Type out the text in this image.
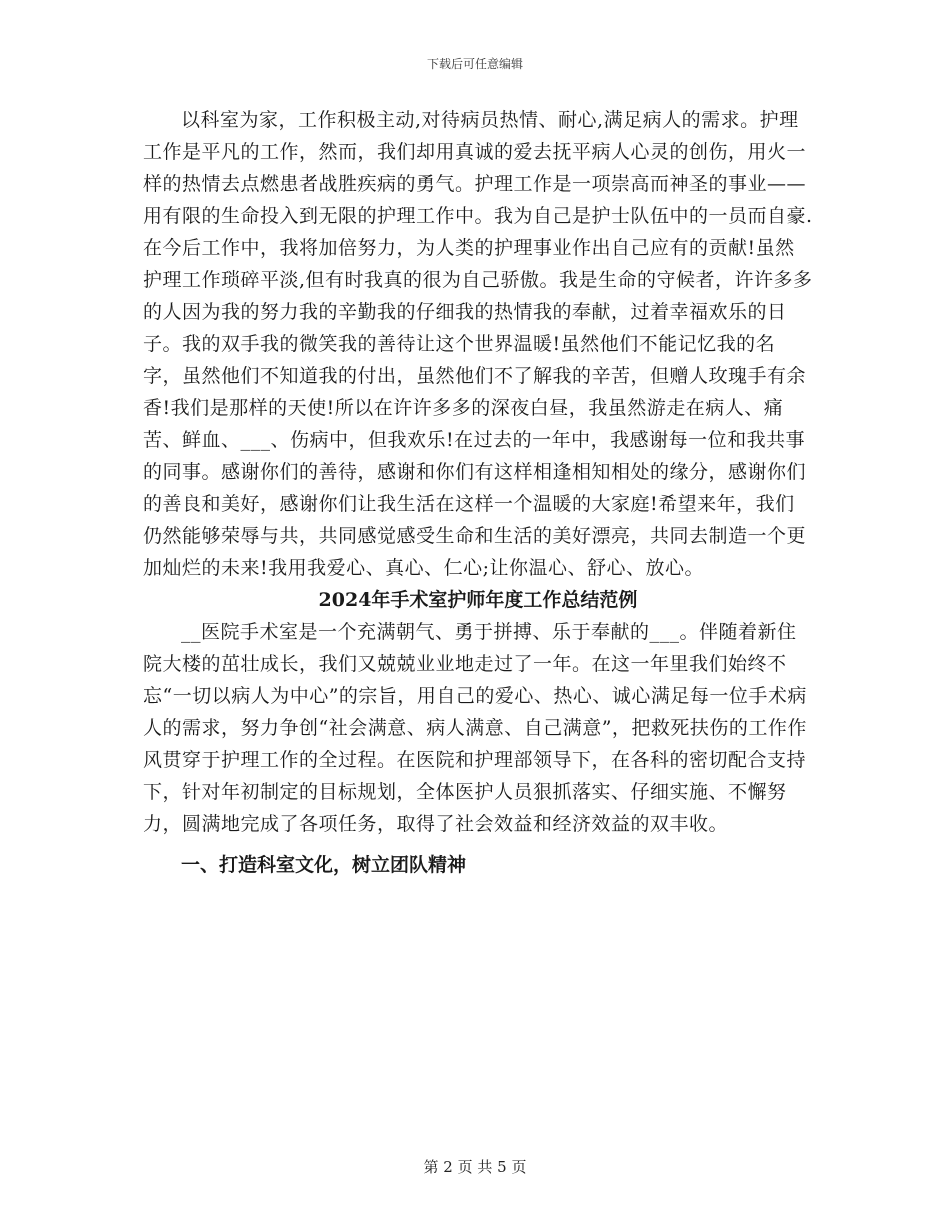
下载后可任意编辑

以科室为家，工作积极主动,对待病员热情、耐心,满足病人的需求。护理工作是平凡的工作，然而，我们却用真诚的爱去抚平病人心灵的创伤，用火一样的热情去点燃患者战胜疾病的勇气。护理工作是一项崇高而神圣的事业——用有限的生命投入到无限的护理工作中。我为自己是护士队伍中的一员而自豪.在今后工作中，我将加倍努力，为人类的护理事业作出自己应有的贡献!虽然护理工作琐碎平淡,但有时我真的很为自己骄傲。我是生命的守候者，许许多多的人因为我的努力我的辛勤我的仔细我的热情我的奉献，过着幸福欢乐的日子。我的双手我的微笑我的善待让这个世界温暖!虽然他们不能记忆我的名字，虽然他们不知道我的付出，虽然他们不了解我的辛苦，但赠人玫瑰手有余香!我们是那样的天使!所以在许许多多的深夜白昼，我虽然游走在病人、痛苦、鲜血、___、伤病中，但我欢乐!在过去的一年中，我感谢每一位和我共事的同事。感谢你们的善待，感谢和你们有这样相逢相知相处的缘分，感谢你们的善良和美好，感谢你们让我生活在这样一个温暖的大家庭!希望来年，我们仍然能够荣辱与共，共同感觉感受生命和生活的美好漂亮，共同去制造一个更加灿烂的未来!我用我爱心、真心、仁心;让你温心、舒心、放心。

2024年手术室护师年度工作总结范例

__医院手术室是一个充满朝气、勇于拼搏、乐于奉献的___。伴随着新住院大楼的茁壮成长，我们又兢兢业业地走过了一年。在这一年里我们始终不忘“一切以病人为中心”的宗旨，用自己的爱心、热心、诚心满足每一位手术病人的需求，努力争创“社会满意、病人满意、自己满意”，把救死扶伤的工作作风贯穿于护理工作的全过程。在医院和护理部领导下，在各科的密切配合支持下，针对年初制定的目标规划，全体医护人员狠抓落实、仔细实施、不懈努力，圆满地完成了各项任务，取得了社会效益和经济效益的双丰收。

一、打造科室文化，树立团队精神
第 2 页 共 5 页
